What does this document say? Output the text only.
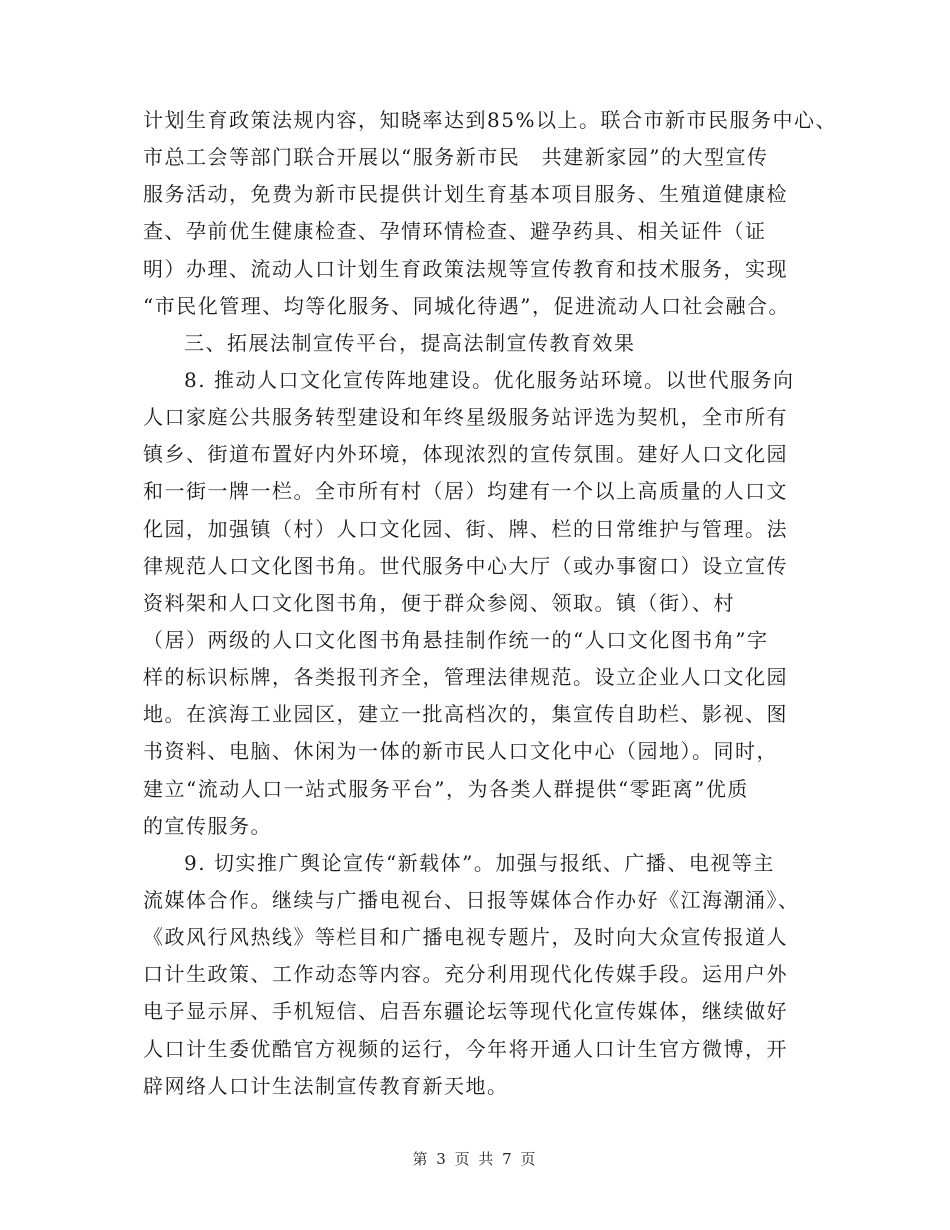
计划生育政策法规内容，知晓率达到85%以上。联合市新市民服务中心、
市总工会等部门联合开展以“服务新市民　共建新家园”的大型宣传
服务活动，免费为新市民提供计划生育基本项目服务、生殖道健康检
查、孕前优生健康检查、孕情环情检查、避孕药具、相关证件（证
明）办理、流动人口计划生育政策法规等宣传教育和技术服务，实现
“市民化管理、均等化服务、同城化待遇”，促进流动人口社会融合。
三、拓展法制宣传平台，提高法制宣传教育效果
8. 推动人口文化宣传阵地建设。优化服务站环境。以世代服务向
人口家庭公共服务转型建设和年终星级服务站评选为契机，全市所有
镇乡、街道布置好内外环境，体现浓烈的宣传氛围。建好人口文化园
和一街一牌一栏。全市所有村（居）均建有一个以上高质量的人口文
化园，加强镇（村）人口文化园、街、牌、栏的日常维护与管理。法
律规范人口文化图书角。世代服务中心大厅（或办事窗口）设立宣传
资料架和人口文化图书角，便于群众参阅、领取。镇（街）、村
（居）两级的人口文化图书角悬挂制作统一的“人口文化图书角”字
样的标识标牌，各类报刊齐全，管理法律规范。设立企业人口文化园
地。在滨海工业园区，建立一批高档次的，集宣传自助栏、影视、图
书资料、电脑、休闲为一体的新市民人口文化中心（园地）。同时，
建立“流动人口一站式服务平台”，为各类人群提供“零距离”优质
的宣传服务。
9. 切实推广舆论宣传“新载体”。加强与报纸、广播、电视等主
流媒体合作。继续与广播电视台、日报等媒体合作办好《江海潮涌》、
《政风行风热线》等栏目和广播电视专题片，及时向大众宣传报道人
口计生政策、工作动态等内容。充分利用现代化传媒手段。运用户外
电子显示屏、手机短信、启吾东疆论坛等现代化宣传媒体，继续做好
人口计生委优酷官方视频的运行，今年将开通人口计生官方微博，开
辟网络人口计生法制宣传教育新天地。
第 3 页 共 7 页
